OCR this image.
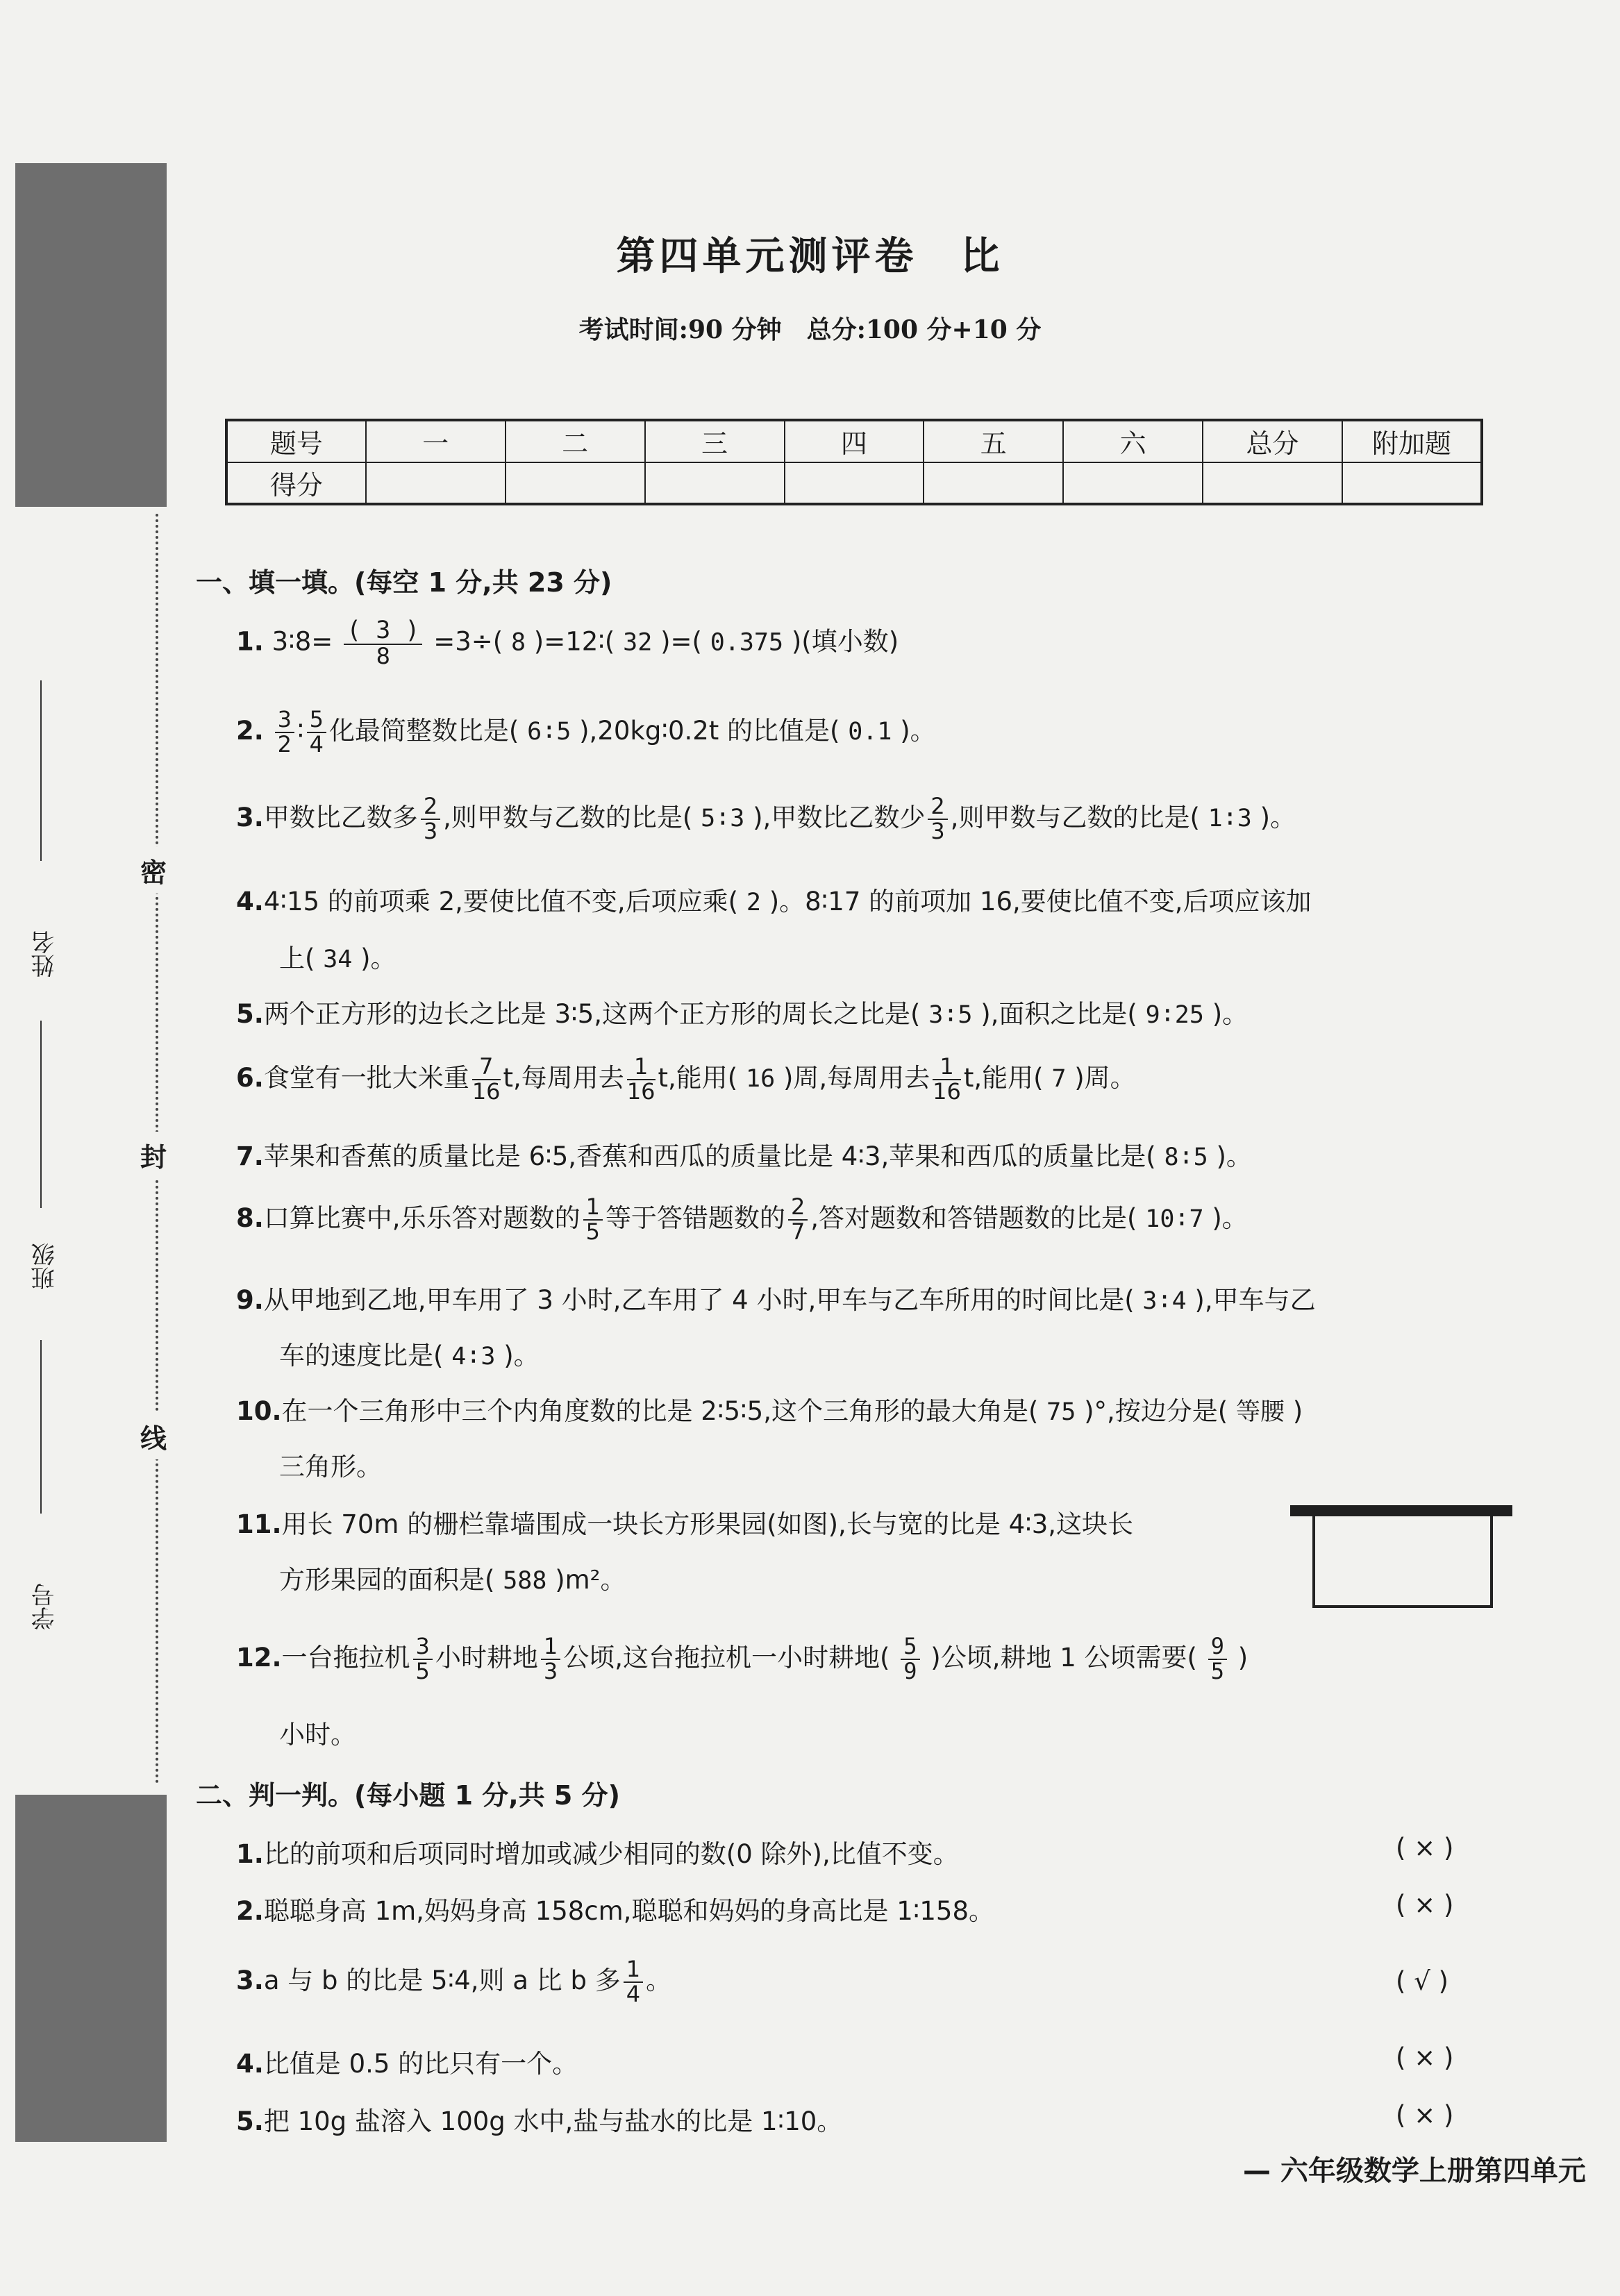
密
封
线
姓名
班级
学号
第四单元测评卷　比
考试时间:90 分钟　总分:100 分+10 分
题号	一	二	三	四	五	六	总分	附加题
得分								
一、填一填。(每空 1 分,共 23 分)
1. 3∶8= $\frac{( 3 )}{8} =3\div$( 8 )=12∶( 32 )=( 0.375 )(填小数)
2. $\frac{3}{2}$ ∶ $\frac{5}{4}$ 化最简整数比是( 6∶5 ),20kg∶0.2t 的比值是( 0.1 )。
3.甲数比乙数多 $\frac{2}{3}$ ,则甲数与乙数的比是( 5∶3 ),甲数比乙数少 $\frac{2}{3}$ ,则甲数与乙数的比是( 1∶3 )。
4.4∶15 的前项乘 2,要使比值不变,后项应乘( 2 )。8∶17 的前项加 16,要使比值不变,后项应该加
上( 34 )。
5.两个正方形的边长之比是 3∶5,这两个正方形的周长之比是( 3∶5 ),面积之比是( 9∶25 )。
6.食堂有一批大米重 $\frac{7}{16} t$,每周用去 $\frac{1}{16} t$,能用( 16 )周,每周用去 $\frac{1}{16} t$,能用( 7 )周。
7.苹果和香蕉的质量比是 6∶5,香蕉和西瓜的质量比是 4∶3,苹果和西瓜的质量比是( 8∶5 )。
8.口算比赛中,乐乐答对题数的 $\frac{1}{5}$ 等于答错题数的 $\frac{2}{7}$ ,答对题数和答错题数的比是( 10∶7 )。
9.从甲地到乙地,甲车用了 3 小时,乙车用了 4 小时,甲车与乙车所用的时间比是( 3∶4 ),甲车与乙
车的速度比是( 4∶3 )。
10.在一个三角形中三个内角度数的比是 2∶5∶5,这个三角形的最大角是( 75 )°,按边分是( 等腰 )
三角形。
11.用长 70m 的栅栏靠墙围成一块长方形果园(如图),长与宽的比是 4∶3,这块长
方形果园的面积是( 588 )m²。
12.一台拖拉机 $\frac{3}{5}$ 小时耕地 $\frac{1}{3}$ 公顷,这台拖拉机一小时耕地( $\frac{5}{9}$ )公顷,耕地 1 公顷需要( $\frac{9}{5}$ )
小时。
二、判一判。(每小题 1 分,共 5 分)
1.比的前项和后项同时增加或减少相同的数(0 除外),比值不变。	( × )
2.聪聪身高 1m,妈妈身高 158cm,聪聪和妈妈的身高比是 1∶158。	( × )
3.a 与 b 的比是 5∶4,则 a 比 b 多 $\frac{1}{4}$ 。	( √ )
4.比值是 0.5 的比只有一个。	( × )
5.把 10g 盐溶入 100g 水中,盐与盐水的比是 1∶10。	( × )
— 六年级数学上册第四单元
